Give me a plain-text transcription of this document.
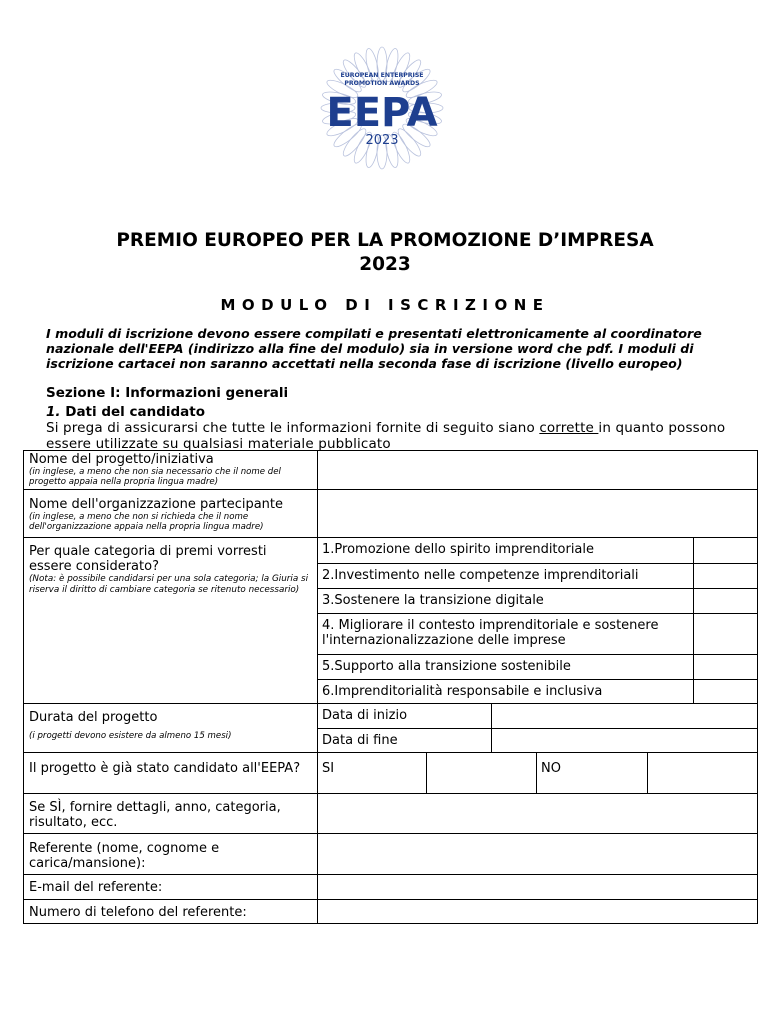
EUROPEAN ENTERPRISE
PROMOTION AWARDS
EEPA
2023
PREMIO EUROPEO PER LA PROMOZIONE D’IMPRESA
2023
MODULO DI ISCRIZIONE
I moduli di iscrizione devono essere compilati e presentati elettronicamente al coordinatore nazionale dell'EEPA (indirizzo alla fine del modulo) sia in versione word che pdf. I moduli di iscrizione cartacei non saranno accettati nella seconda fase di iscrizione (livello europeo)
Sezione I: Informazioni generali
1. Dati del candidato
Si prega di assicurarsi che tutte le informazioni fornite di seguito siano corrette in quanto possono essere utilizzate su qualsiasi materiale pubblicato
Nome del progetto/iniziativa
(in inglese, a meno che non sia necessario che il nome del progetto appaia nella propria lingua madre)
Nome dell'organizzazione partecipante
(in inglese, a meno che non si richieda che il nome dell'organizzazione appaia nella propria lingua madre)
Per quale categoria di premi vorresti essere considerato?
(Nota: è possibile candidarsi per una sola categoria; la Giuria si riserva il diritto di cambiare categoria se ritenuto necessario)
1.Promozione dello spirito imprenditoriale
2.Investimento nelle competenze imprenditoriali
3.Sostenere la transizione digitale
4. Migliorare il contesto imprenditoriale e sostenere l'internazionalizzazione delle imprese
5.Supporto alla transizione sostenibile
6.Imprenditorialità responsabile e inclusiva
Durata del progetto
(i progetti devono esistere da almeno 15 mesi)
Data di inizio
Data di fine
Il progetto è già stato candidato all'EEPA?	SI	NO
Se SÌ, fornire dettagli, anno, categoria, risultato, ecc.
Referente (nome, cognome e carica/mansione):
E-mail del referente:
Numero di telefono del referente:
